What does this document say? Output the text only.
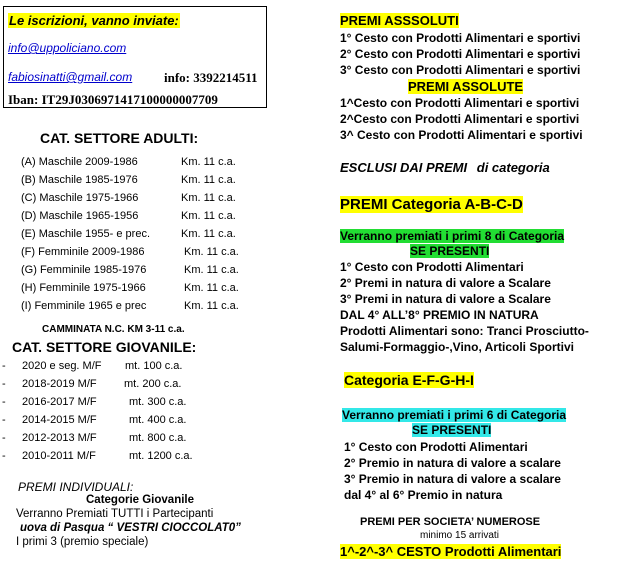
Le iscrizioni, vanno inviate:
info@uppoliciano.com
fabiosinatti@gmail.com info: 3392214511
Iban: IT29J0306971417100000007709
CAT. SETTORE ADULTI:
(A) Maschile 2009-1986	Km. 11 c.a.
(B) Maschile 1985-1976	Km. 11 c.a.
(C) Maschile 1975-1966	Km. 11 c.a.
(D) Maschile 1965-1956	Km. 11 c.a.
(E) Maschile 1955- e prec.	Km. 11 c.a.
(F) Femminile 2009-1986	Km. 11 c.a.
(G) Femminile 1985-1976	Km. 11 c.a.
(H) Femminile 1975-1966	Km. 11 c.a.
(I) Femminile 1965 e prec	Km. 11 c.a.
CAMMINATA N.C. KM 3-11 c.a.
CAT. SETTORE GIOVANILE:
- 2020 e seg. M/F mt. 100 c.a.
- 2018-2019 M/F mt. 200 c.a.
- 2016-2017 M/F	mt. 300 c.a.
- 2014-2015 M/F	mt. 400 c.a.
- 2012-2013 M/F	mt. 800 c.a.
- 2010-2011 M/F	mt. 1200 c.a.
PREMI INDIVIDUALI:
Categorie Giovanile
Verranno Premiati TUTTI i Partecipanti
uova di Pasqua “ VESTRI CIOCCOLAT0”
I primi 3 (premio speciale)
PREMI ASSSOLUTI
1° Cesto con Prodotti Alimentari e sportivi
2° Cesto con Prodotti Alimentari e sportivi
3° Cesto con Prodotti Alimentari e sportivi
PREMI ASSOLUTE
1^Cesto con Prodotti Alimentari e sportivi
2^Cesto con Prodotti Alimentari e sportivi
3^ Cesto con Prodotti Alimentari e sportivi
ESCLUSI DAI PREMI di categoria
PREMI Categoria A-B-C-D
Verranno premiati i primi 8 di Categoria
SE PRESENTI
1° Cesto con Prodotti Alimentari
2° Premi in natura di valore a Scalare
3° Premi in natura di valore a Scalare
DAL 4° ALL’8° PREMIO IN NATURA
Prodotti Alimentari sono: Tranci Prosciutto-
Salumi-Formaggio-,Vino, Articoli Sportivi
Categoria E-F-G-H-I
Verranno premiati i primi 6 di Categoria
SE PRESENTI
1° Cesto con Prodotti Alimentari
2° Premio in natura di valore a scalare
3° Premio in natura di valore a scalare
dal 4° al 6° Premio in natura
PREMI PER SOCIETA’ NUMEROSE
minimo 15 arrivati
1^-2^-3^ CESTO Prodotti Alimentari
